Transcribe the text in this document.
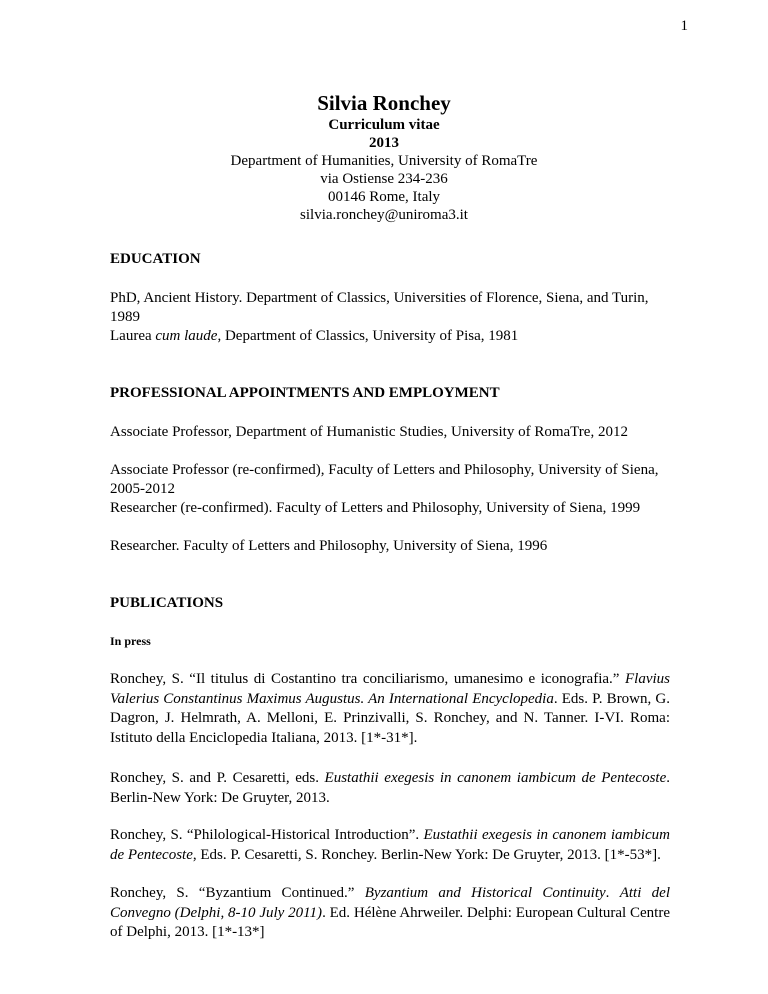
1
Silvia Ronchey
Curriculum vitae
2013
Department of Humanities, University of RomaTre
via Ostiense 234-236
00146 Rome, Italy
silvia.ronchey@uniroma3.it
EDUCATION
PhD, Ancient History. Department of Classics, Universities of Florence, Siena, and Turin, 1989
Laurea cum laude, Department of Classics, University of Pisa, 1981
PROFESSIONAL APPOINTMENTS AND EMPLOYMENT
Associate Professor, Department of Humanistic Studies, University of RomaTre, 2012
Associate Professor (re-confirmed), Faculty of Letters and Philosophy, University of Siena, 2005-2012
Researcher (re-confirmed). Faculty of Letters and Philosophy, University of Siena, 1999
Researcher. Faculty of Letters and Philosophy, University of Siena, 1996
PUBLICATIONS
In press
Ronchey, S. “Il titulus di Costantino tra conciliarismo, umanesimo e iconografia.” Flavius Valerius Constantinus Maximus Augustus. An International Encyclopedia. Eds. P. Brown, G. Dagron, J. Helmrath, A. Melloni, E. Prinzivalli, S. Ronchey, and N. Tanner. I-VI. Roma: Istituto della Enciclopedia Italiana, 2013. [1*-31*].
Ronchey, S. and P. Cesaretti, eds. Eustathii exegesis in canonem iambicum de Pentecoste. Berlin-New York: De Gruyter, 2013.
Ronchey, S. “Philological-Historical Introduction”. Eustathii exegesis in canonem iambicum de Pentecoste, Eds. P. Cesaretti, S. Ronchey. Berlin-New York: De Gruyter, 2013. [1*-53*].
Ronchey, S. “Byzantium Continued.” Byzantium and Historical Continuity. Atti del Convegno (Delphi, 8-10 July 2011). Ed. Hélène Ahrweiler. Delphi: European Cultural Centre of Delphi, 2013. [1*-13*]
